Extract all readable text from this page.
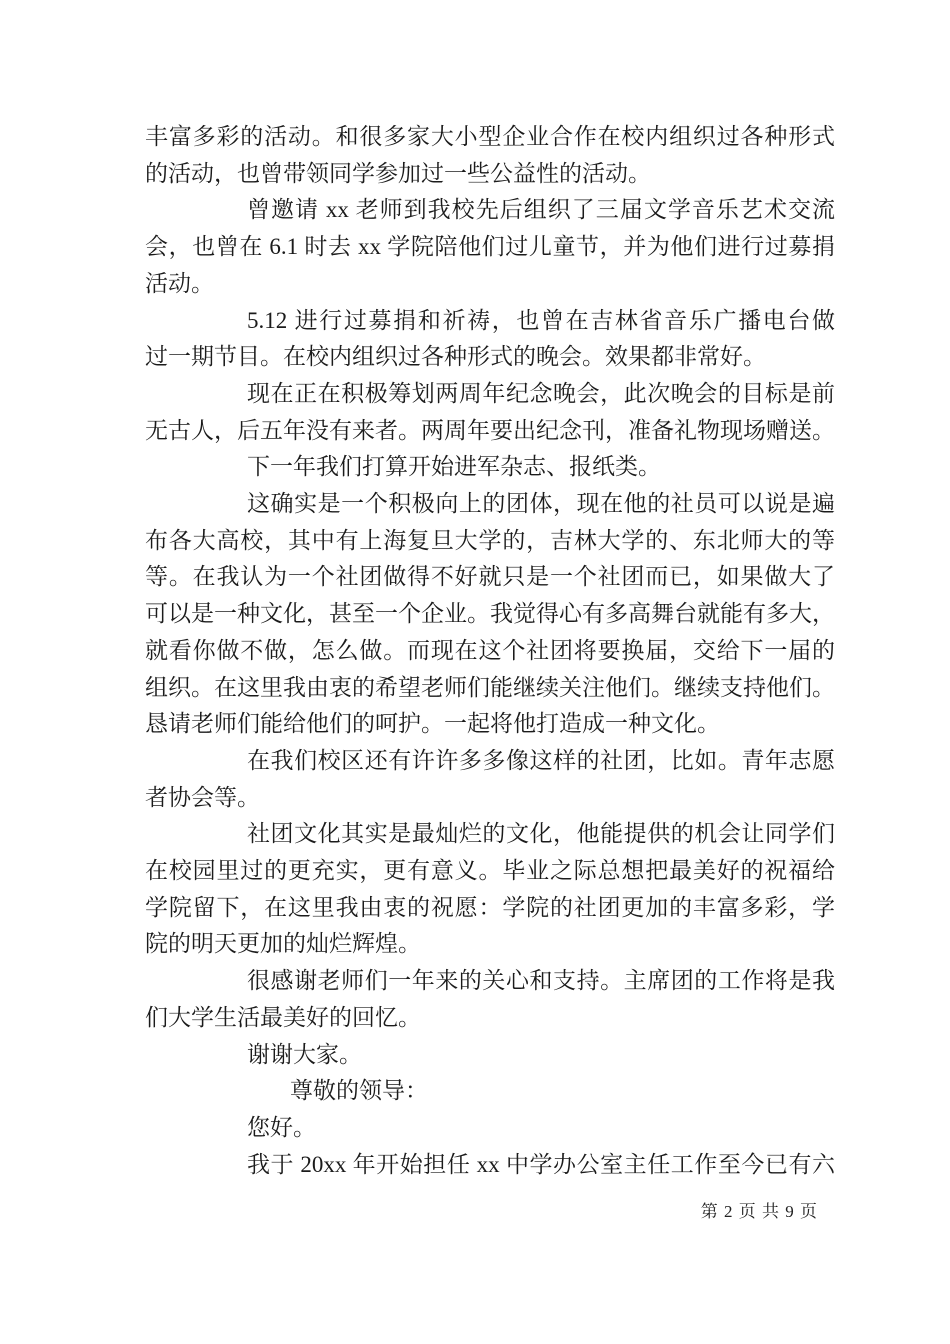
丰富多彩的活动。和很多家大小型企业合作在校内组织过各种形式
的活动，也曾带领同学参加过一些公益性的活动。
曾邀请 xx 老师到我校先后组织了三届文学音乐艺术交流
会，也曾在 6.1 时去 xx 学院陪他们过儿童节，并为他们进行过募捐
活动。
5.12 进行过募捐和祈祷，也曾在吉林省音乐广播电台做
过一期节目。在校内组织过各种形式的晚会。效果都非常好。
现在正在积极筹划两周年纪念晚会，此次晚会的目标是前
无古人，后五年没有来者。两周年要出纪念刊，准备礼物现场赠送。
下一年我们打算开始进军杂志、报纸类。
这确实是一个积极向上的团体，现在他的社员可以说是遍
布各大高校，其中有上海复旦大学的，吉林大学的、东北师大的等
等。在我认为一个社团做得不好就只是一个社团而已，如果做大了
可以是一种文化，甚至一个企业。我觉得心有多高舞台就能有多大，
就看你做不做，怎么做。而现在这个社团将要换届，交给下一届的
组织。在这里我由衷的希望老师们能继续关注他们。继续支持他们。
恳请老师们能给他们的呵护。一起将他打造成一种文化。
在我们校区还有许许多多像这样的社团，比如。青年志愿
者协会等。
社团文化其实是最灿烂的文化，他能提供的机会让同学们
在校园里过的更充实，更有意义。毕业之际总想把最美好的祝福给
学院留下，在这里我由衷的祝愿：学院的社团更加的丰富多彩，学
院的明天更加的灿烂辉煌。
很感谢老师们一年来的关心和支持。主席团的工作将是我
们大学生活最美好的回忆。
谢谢大家。
尊敬的领导：
您好。
我于 20xx 年开始担任 xx 中学办公室主任工作至今已有六
第 2 页 共 9 页
